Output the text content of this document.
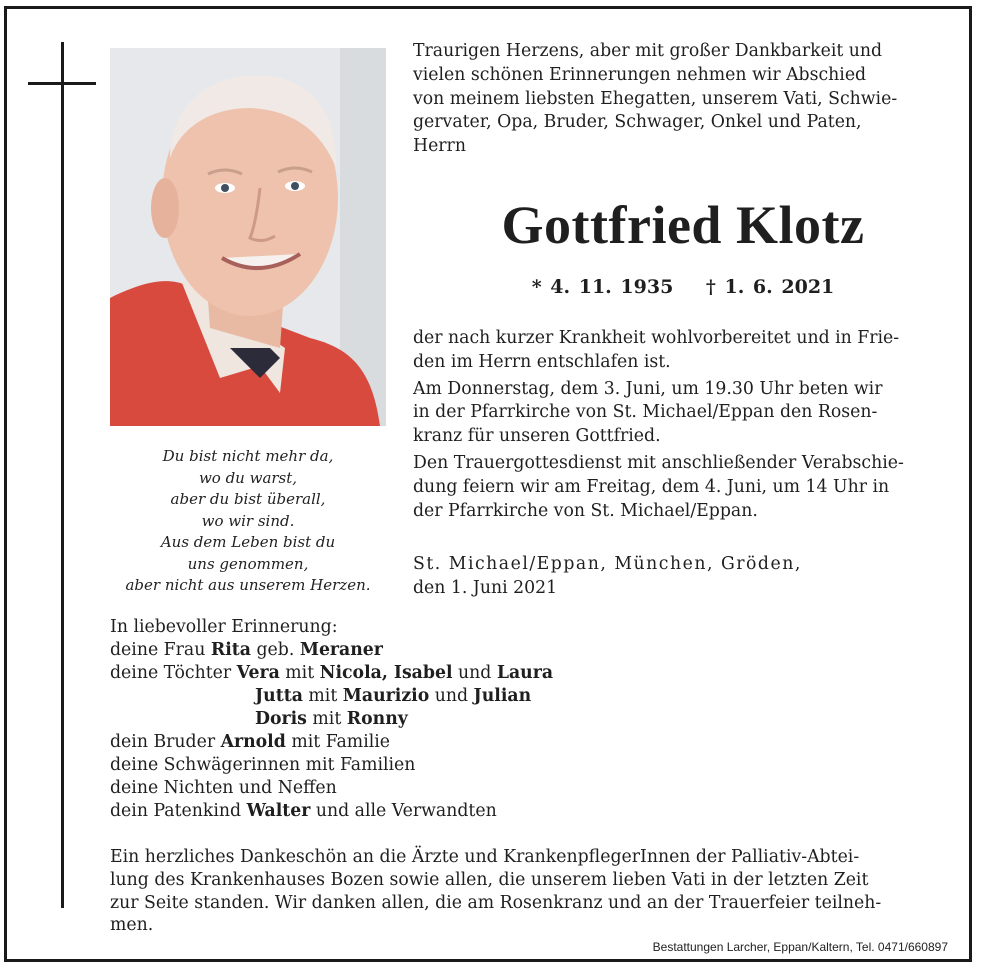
Du bist nicht mehr da,
wo du warst,
aber du bist überall,
wo wir sind.
Aus dem Leben bist du
uns genommen,
aber nicht aus unserem Herzen.
Traurigen Herzens, aber mit großer Dankbarkeit und
vielen schönen Erinnerungen nehmen wir Abschied
von meinem liebsten Ehegatten, unserem Vati, Schwie-
gervater, Opa, Bruder, Schwager, Onkel und Paten,
Herrn
Gottfried Klotz
* 4. 11. 1935 † 1. 6. 2021
der nach kurzer Krankheit wohlvorbereitet und in Frie-
den im Herrn entschlafen ist.
Am Donnerstag, dem 3. Juni, um 19.30 Uhr beten wir
in der Pfarrkirche von St. Michael/Eppan den Rosen-
kranz für unseren Gottfried.
Den Trauergottesdienst mit anschließender Verabschie-
dung feiern wir am Freitag, dem 4. Juni, um 14 Uhr in
der Pfarrkirche von St. Michael/Eppan.
St. Michael/Eppan, München, Gröden,
den 1. Juni 2021
In liebevoller Erinnerung:
deine Frau Rita geb. Meraner
deine Töchter Vera mit Nicola, Isabel und Laura
Jutta mit Maurizio und Julian
Doris mit Ronny
dein Bruder Arnold mit Familie
deine Schwägerinnen mit Familien
deine Nichten und Neffen
dein Patenkind Walter und alle Verwandten
Ein herzliches Dankeschön an die Ärzte und KrankenpflegerInnen der Palliativ-Abtei-
lung des Krankenhauses Bozen sowie allen, die unserem lieben Vati in der letzten Zeit
zur Seite standen. Wir danken allen, die am Rosenkranz und an der Trauerfeier teilneh-
men.
Bestattungen Larcher, Eppan/Kaltern, Tel. 0471/660897
